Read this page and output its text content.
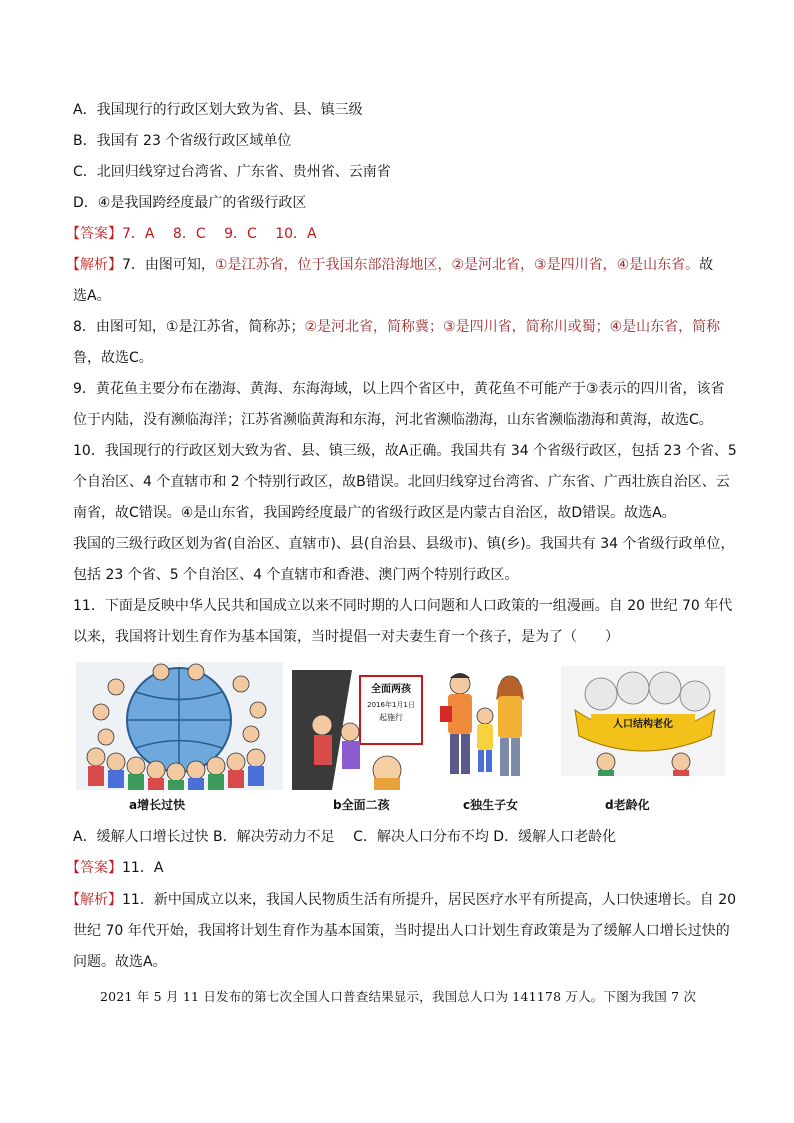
A．我国现行的行政区划大致为省、县、镇三级
B．我国有 23 个省级行政区域单位
C．北回归线穿过台湾省、广东省、贵州省、云南省
D．④是我国跨经度最广的省级行政区
【答案】7．A　 8．C　 9．C　 10．A
【解析】7．由图可知，①是江苏省，位于我国东部沿海地区，②是河北省，③是四川省，④是山东省。故
选A。
8．由图可知，①是江苏省，简称苏；②是河北省，简称冀；③是四川省，简称川或蜀；④是山东省，简称
鲁，故选C。
9．黄花鱼主要分布在渤海、黄海、东海海域，以上四个省区中，黄花鱼不可能产于③表示的四川省，该省
位于内陆，没有濒临海洋；江苏省濒临黄海和东海，河北省濒临渤海，山东省濒临渤海和黄海，故选C。
10．我国现行的行政区划大致为省、县、镇三级，故A正确。我国共有 34 个省级行政区，包括 23 个省、5
个自治区、4 个直辖市和 2 个特别行政区，故B错误。北回归线穿过台湾省、广东省、广西壮族自治区、云
南省，故C错误。④是山东省，我国跨经度最广的省级行政区是内蒙古自治区，故D错误。故选A。
我国的三级行政区划为省(自治区、直辖市)、县(自治县、县级市)、镇(乡)。我国共有 34 个省级行政单位，
包括 23 个省、5 个自治区、4 个直辖市和香港、澳门两个特别行政区。
11．下面是反映中华人民共和国成立以来不同时期的人口问题和人口政策的一组漫画。自 20 世纪 70 年代
以来，我国将计划生育作为基本国策，当时提倡一对夫妻生育一个孩子，是为了（　　）
a增长过快
全面两孩
2016年1月1日
起施行
b全面二孩	c独生子女
人口结构老化
d老龄化
A．缓解人口增长过快 B．解决劳动力不足　 C．解决人口分布不均 D．缓解人口老龄化
【答案】11．A
【解析】11．新中国成立以来，我国人民物质生活有所提升，居民医疗水平有所提高，人口快速增长。自 20
世纪 70 年代开始，我国将计划生育作为基本国策，当时提出人口计划生育政策是为了缓解人口增长过快的
问题。故选A。
2021 年 5 月 11 日发布的第七次全国人口普查结果显示，我国总人口为 141178 万人。下图为我国 7 次
